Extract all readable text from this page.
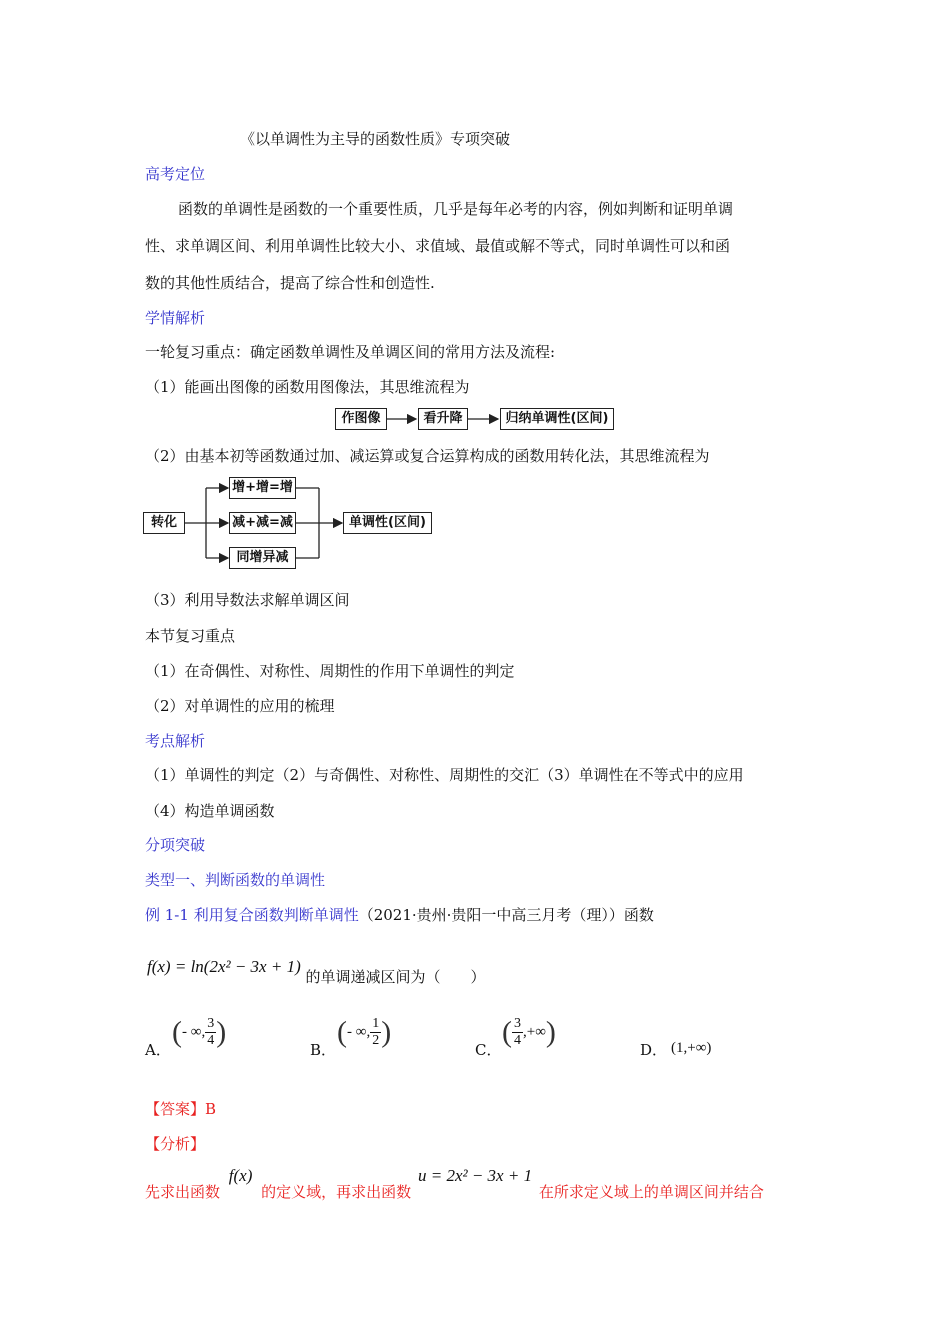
《以单调性为主导的函数性质》专项突破
高考定位
函数的单调性是函数的一个重要性质，几乎是每年必考的内容，例如判断和证明单调
性、求单调区间、利用单调性比较大小、求值域、最值或解不等式，同时单调性可以和函
数的其他性质结合，提高了综合性和创造性.
学情解析
一轮复习重点：确定函数单调性及单调区间的常用方法及流程:
（1）能画出图像的函数用图像法，其思维流程为
作图像	看升降	归纳单调性(区间)
（2）由基本初等函数通过加、减运算或复合运算构成的函数用转化法，其思维流程为
转化
增+增=增
减+减=减
同增异减
单调性(区间)
（3）利用导数法求解单调区间
本节复习重点
（1）在奇偶性、对称性、周期性的作用下单调性的判定
（2）对单调性的应用的梳理
考点解析
（1）单调性的判定（2）与奇偶性、对称性、周期性的交汇（3）单调性在不等式中的应用
（4）构造单调函数
分项突破
类型一、判断函数的单调性
例 1-1 利用复合函数判断单调性（2021·贵州·贵阳一中高三月考（理））函数
f(x) = ln(2x² − 3x + 1) 的单调递减区间为（　　）
A．
(- ∞, $\frac{3}{4}$ )
B．
(- ∞, $\frac{1}{2}$ )
C．
( $\frac{3}{4}$ ,+∞)
D． (1,+∞)
【答案】B
【分析】
先求出函数 f(x) 的定义域，再求出函数 u = 2x² − 3x + 1 在所求定义域上的单调区间并结合
